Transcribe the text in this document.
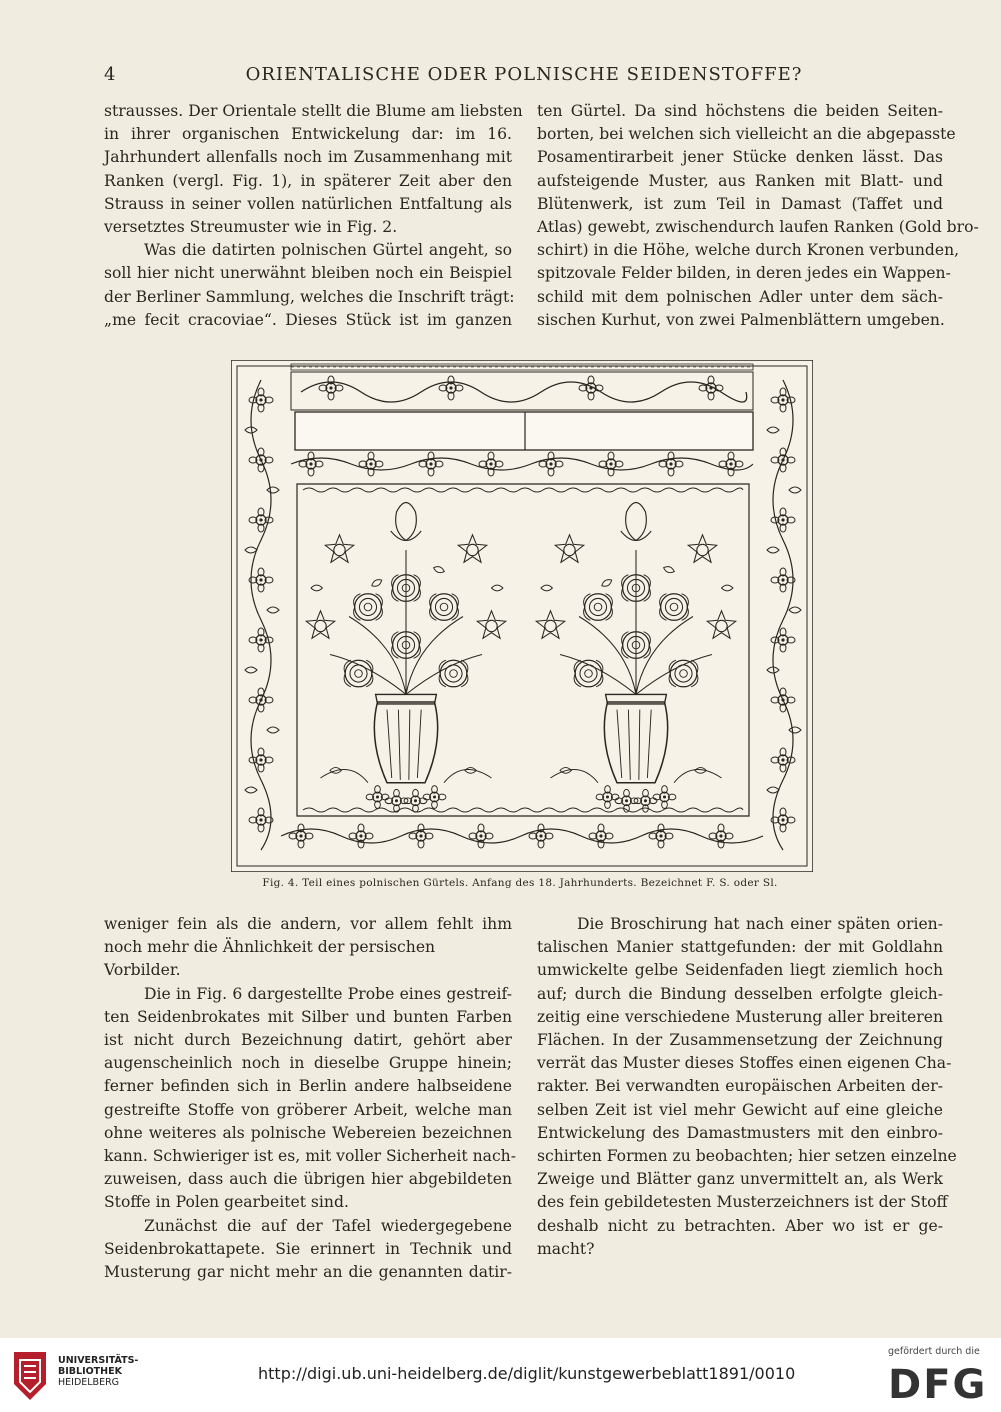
4	ORIENTALISCHE ODER POLNISCHE SEIDENSTOFFE?

strausses. Der Orientale stellt die Blume am liebsten
in ihrer organischen Entwickelung dar: im 16.
Jahrhundert allenfalls noch im Zusammenhang mit
Ranken (vergl. Fig. 1), in späterer Zeit aber den
Strauss in seiner vollen natürlichen Entfaltung als
versetztes Streumuster wie in Fig. 2.

Was die datirten polnischen Gürtel angeht, so
soll hier nicht unerwähnt bleiben noch ein Beispiel
der Berliner Sammlung, welches die Inschrift trägt:
„me fecit cracoviae“. Dieses Stück ist im ganzen

ten Gürtel. Da sind höchstens die beiden Seiten-
borten, bei welchen sich vielleicht an die abgepasste
Posamentirarbeit jener Stücke denken lässt. Das
aufsteigende Muster, aus Ranken mit Blatt- und
Blütenwerk, ist zum Teil in Damast (Taffet und
Atlas) gewebt, zwischendurch laufen Ranken (Gold bro-
schirt) in die Höhe, welche durch Kronen verbunden,
spitzovale Felder bilden, in deren jedes ein Wappen-
schild mit dem polnischen Adler unter dem säch-
sischen Kurhut, von zwei Palmenblättern umgeben.

Fig. 4. Teil eines polnischen Gürtels. Anfang des 18. Jahrhunderts. Bezeichnet F. S. oder Sl.

weniger fein als die andern, vor allem fehlt ihm
noch mehr die Ähnlichkeit der persischen Vorbilder.

Die in Fig. 6 dargestellte Probe eines gestreif-
ten Seidenbrokates mit Silber und bunten Farben
ist nicht durch Bezeichnung datirt, gehört aber
augenscheinlich noch in dieselbe Gruppe hinein;
ferner befinden sich in Berlin andere halbseidene
gestreifte Stoffe von gröberer Arbeit, welche man
ohne weiteres als polnische Webereien bezeichnen
kann. Schwieriger ist es, mit voller Sicherheit nach-
zuweisen, dass auch die übrigen hier abgebildeten
Stoffe in Polen gearbeitet sind.

Zunächst die auf der Tafel wiedergegebene
Seidenbrokattapete. Sie erinnert in Technik und
Musterung gar nicht mehr an die genannten datir-

Die Broschirung hat nach einer späten orien-
talischen Manier stattgefunden: der mit Goldlahn
umwickelte gelbe Seidenfaden liegt ziemlich hoch
auf; durch die Bindung desselben erfolgte gleich-
zeitig eine verschiedene Musterung aller breiteren
Flächen. In der Zusammensetzung der Zeichnung
verrät das Muster dieses Stoffes einen eigenen Cha-
rakter. Bei verwandten europäischen Arbeiten der-
selben Zeit ist viel mehr Gewicht auf eine gleiche
Entwickelung des Damastmusters mit den einbro-
schirten Formen zu beobachten; hier setzen einzelne
Zweige und Blätter ganz unvermittelt an, als Werk
des fein gebildetesten Musterzeichners ist der Stoff
deshalb nicht zu betrachten. Aber wo ist er ge-
macht?

UNIVERSITÄTS-
BIBLIOTHEK
HEIDELBERG	http://digi.ub.uni-heidelberg.de/diglit/kunstgewerbeblatt1891/0010
gefördert durch die
DFG
